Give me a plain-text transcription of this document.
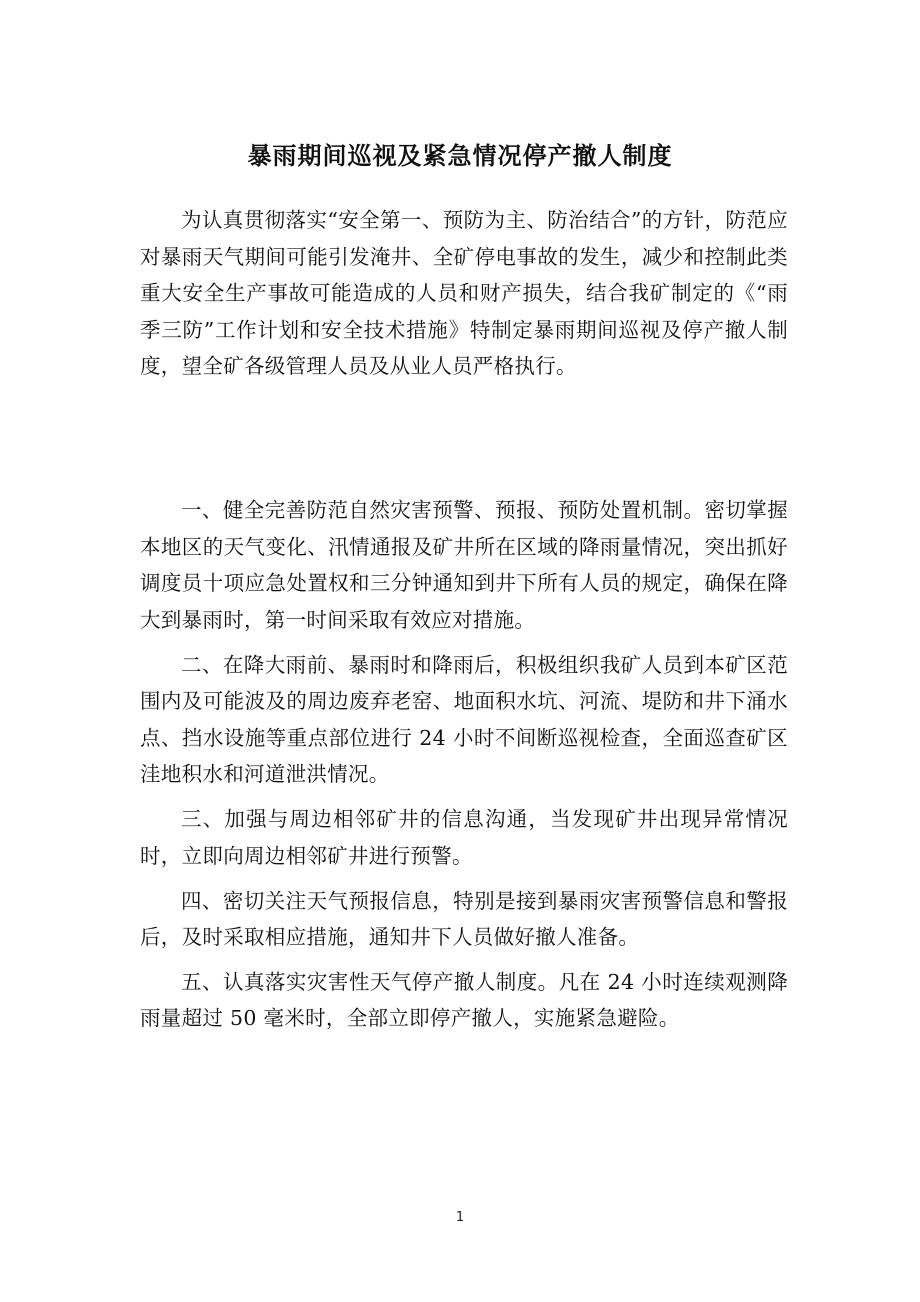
暴雨期间巡视及紧急情况停产撤人制度

为认真贯彻落实“安全第一、预防为主、防治结合”的方针，防范应对暴雨天气期间可能引发淹井、全矿停电事故的发生，减少和控制此类重大安全生产事故可能造成的人员和财产损失，结合我矿制定的《“雨季三防”工作计划和安全技术措施》特制定暴雨期间巡视及停产撤人制度，望全矿各级管理人员及从业人员严格执行。

一、健全完善防范自然灾害预警、预报、预防处置机制。密切掌握本地区的天气变化、汛情通报及矿井所在区域的降雨量情况，突出抓好调度员十项应急处置权和三分钟通知到井下所有人员的规定，确保在降大到暴雨时，第一时间采取有效应对措施。

二、在降大雨前、暴雨时和降雨后，积极组织我矿人员到本矿区范围内及可能波及的周边废弃老窑、地面积水坑、河流、堤防和井下涌水点、挡水设施等重点部位进行 24 小时不间断巡视检查，全面巡查矿区洼地积水和河道泄洪情况。

三、加强与周边相邻矿井的信息沟通，当发现矿井出现异常情况时，立即向周边相邻矿井进行预警。

四、密切关注天气预报信息，特别是接到暴雨灾害预警信息和警报后，及时采取相应措施，通知井下人员做好撤人准备。

五、认真落实灾害性天气停产撤人制度。凡在 24 小时连续观测降雨量超过 50 毫米时，全部立即停产撤人，实施紧急避险。

1
